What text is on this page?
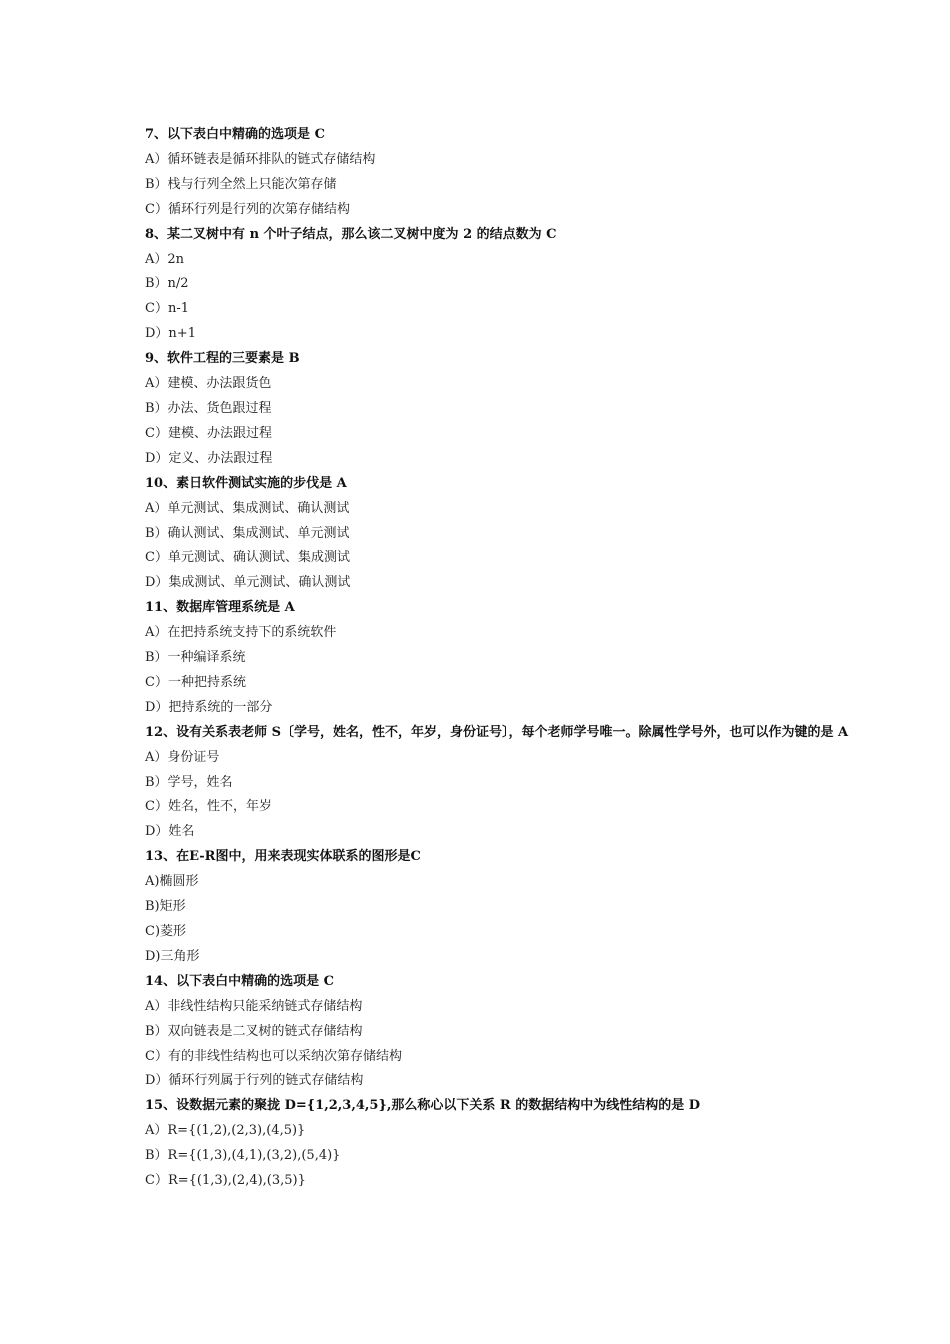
7、以下表白中精确的选项是 C
A）循环链表是循环排队的链式存储结构
B）栈与行列全然上只能次第存储
C）循环行列是行列的次第存储结构
8、某二叉树中有 n 个叶子结点，那么该二叉树中度为 2 的结点数为 C
A）2n
B）n/2
C）n-1
D）n+1
9、软件工程的三要素是 B
A）建模、办法跟货色
B）办法、货色跟过程
C）建模、办法跟过程
D）定义、办法跟过程
10、素日软件测试实施的步伐是 A
A）单元测试、集成测试、确认测试
B）确认测试、集成测试、单元测试
C）单元测试、确认测试、集成测试
D）集成测试、单元测试、确认测试
11、数据库管理系统是 A
A）在把持系统支持下的系统软件
B）一种编译系统
C）一种把持系统
D）把持系统的一部分
12、设有关系表老师 S〔学号，姓名，性不，年岁，身份证号〕，每个老师学号唯一。除属性学号外，也可以作为键的是 A
A）身份证号
B）学号，姓名
C）姓名，性不，年岁
D）姓名
13、在E-R图中，用来表现实体联系的图形是C
A)椭圆形
B)矩形
C)菱形
D)三角形
14、以下表白中精确的选项是 C
A）非线性结构只能采纳链式存储结构
B）双向链表是二叉树的链式存储结构
C）有的非线性结构也可以采纳次第存储结构
D）循环行列属于行列的链式存储结构
15、设数据元素的聚拢 D={1,2,3,4,5},那么称心以下关系 R 的数据结构中为线性结构的是 D
A）R={(1,2),(2,3),(4,5)}
B）R={(1,3),(4,1),(3,2),(5,4)}
C）R={(1,3),(2,4),(3,5)}
